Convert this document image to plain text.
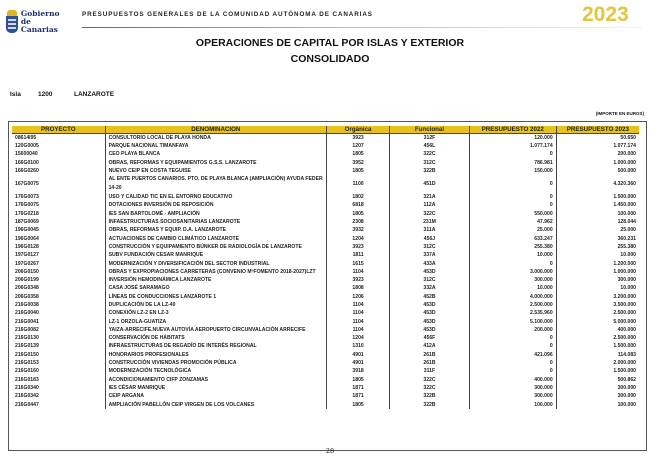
Gobierno
de Canarias
PRESUPUESTOS GENERALES DE LA COMUNIDAD AUTÓNOMA DE CANARIAS	2023
OPERACIONES DE CAPITAL POR ISLAS Y EXTERIOR
CONSOLIDADO
Isla	1200	LANZAROTE
(IMPORTE EN EUROS)
PROYECTO	DENOMINACION	Orgánica	Funcional	PRESUPUESTO 2022	PRESUPUESTO 2023
08614I95	CONSULTORIO LOCAL DE PLAYA HONDA	3923	312F	120.000	50.650
120G0005	PARQUE NACIONAL TIMANFAYA	1207	456L	1.077.174	1.077.174
15600040	CEO PLAYA BLANCA	1805	322C	0	200.000
166G0100	OBRAS, REFORMAS Y EQUIPAMIENTOS G.S.S. LANZAROTE	3952	312C	786.981	1.000.000
166G0260	NUEVO CEIP EN COSTA TEGUISE	1805	322B	150.000	500.000
167G0075	AL ENTE PUERTOS CANARIOS. PTO. DE PLAYA BLANCA (AMPLIACIÓN) AYUDA FEDER 14-20	1100	451D	0	4.320.360
176G0073	USO Y CALIDAD TIC EN EL ENTORNO EDUCATIVO	1802	321A	0	1.500.000
176G0075	DOTACIONES INVERSIÓN DE REPOSICIÓN	6818	112A	0	1.450.000
176G0218	IES SAN BARTOLOMÉ - AMPLIACIÓN	1805	322C	550.000	100.000
187G0069	INFAESTRUCTURAS SOCIOSANITARIAS LANZAROTE	2308	231M	47.962	128.044
196G0045	OBRAS, REFORMAS Y EQUIP. D.A. LANZAROTE	3932	311A	25.000	25.000
196G0064	ACTUACIONES DE CAMBIO CLIMÁTICO LANZAROTE	1204	456J	633.247	360.231
196G0128	CONSTRUCCIÓN Y EQUIPAMIENTO BÚNKER DE RADIOLOGÍA DE LANZAROTE	3923	312C	255.380	255.380
197G0127	SUBV FUNDACIÓN CESAR MANRIQUE	1811	337A	10.000	10.000
197G0267	MODERNIZACIÓN Y DIVERSIFICACIÓN DEL SECTOR INDUSTRIAL	1615	433A	0	1.200.000
206G0150	OBRAS Y EXPROPIACIONES CARRETERAS (CONVENIO MºFOMENTO 2018-2027)LZT	1104	453D	3.000.000	1.000.000
206G0199	INVERSIÓN HEMODINÁMICA LANZAROTE	3923	312C	300.000	300.000
206G0348	CASA JOSÉ SARAMAGO	1808	332A	10.000	10.000
206G0358	LÍNEAS DE CONDUCCIONES LANZAROTE 1	1206	452B	4.000.000	3.200.000
216G0038	DUPLICACIÓN DE LA LZ-40	1104	453D	2.500.000	3.500.000
216G0040	CONEXIÓN LZ-2 EN LZ-3	1104	453D	2.535.960	2.500.000
216G0041	LZ-1 ORZOLA-GUATIZA	1104	453D	5.100.000	5.000.000
216G0082	YAIZA-ARRECIFE.NUEVA AUTOVÍA AEROPUERTO CIRCUNVALACIÓN ARRECIFE	1104	453D	200.000	400.000
216G0130	CONSERVACIÓN DE HÁBITATS	1204	456F	0	2.500.000
216G0139	INFRAESTRUCTURAS DE REGADÍO DE INTERÉS REGIONAL	1310	412A	0	1.500.000
216G0150	HONORARIOS PROFESIONALES	4901	261B	421.096	114.083
216G0153	CONSTRUCCIÓN VIVIENDAS PROMOCIÓN PÚBLICA	4901	261B	0	2.000.000
216G0160	MODERNIZACIÓN TECNOLÓGICA	3918	311F	0	1.500.000
216G0183	ACONDICIONAMIENTO CIFP ZONZAMAS	1805	322C	400.000	500.862
216G0340	IES CÉSAR MANRIQUE	1871	322C	300.000	300.000
216G0342	CEIP ARGANA	1871	322B	300.000	300.000
216G0447	AMPLIACIÓN PABELLÓN CEIP VIRGEN DE LOS VOLCANES	1805	322B	100.000	100.000
28
